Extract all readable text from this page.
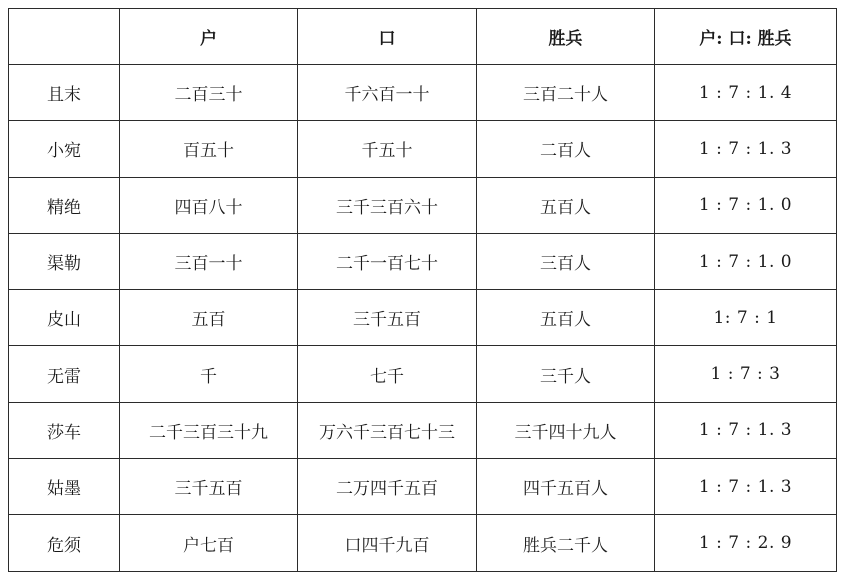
	户	口	胜兵	户: 口: 胜兵
且末	二百三十	千六百一十	三百二十人	1 : 7 : 1. 4
小宛	百五十	千五十	二百人	1 : 7 : 1. 3
精绝	四百八十	三千三百六十	五百人	1 : 7 : 1. 0
渠勒	三百一十	二千一百七十	三百人	1 : 7 : 1. 0
皮山	五百	三千五百	五百人	1: 7 : 1
无雷	千	七千	三千人	1 : 7 : 3
莎车	二千三百三十九	万六千三百七十三	三千四十九人	1 : 7 : 1. 3
姑墨	三千五百	二万四千五百	四千五百人	1 : 7 : 1. 3
危须	户七百	口四千九百	胜兵二千人	1 : 7 : 2. 9
